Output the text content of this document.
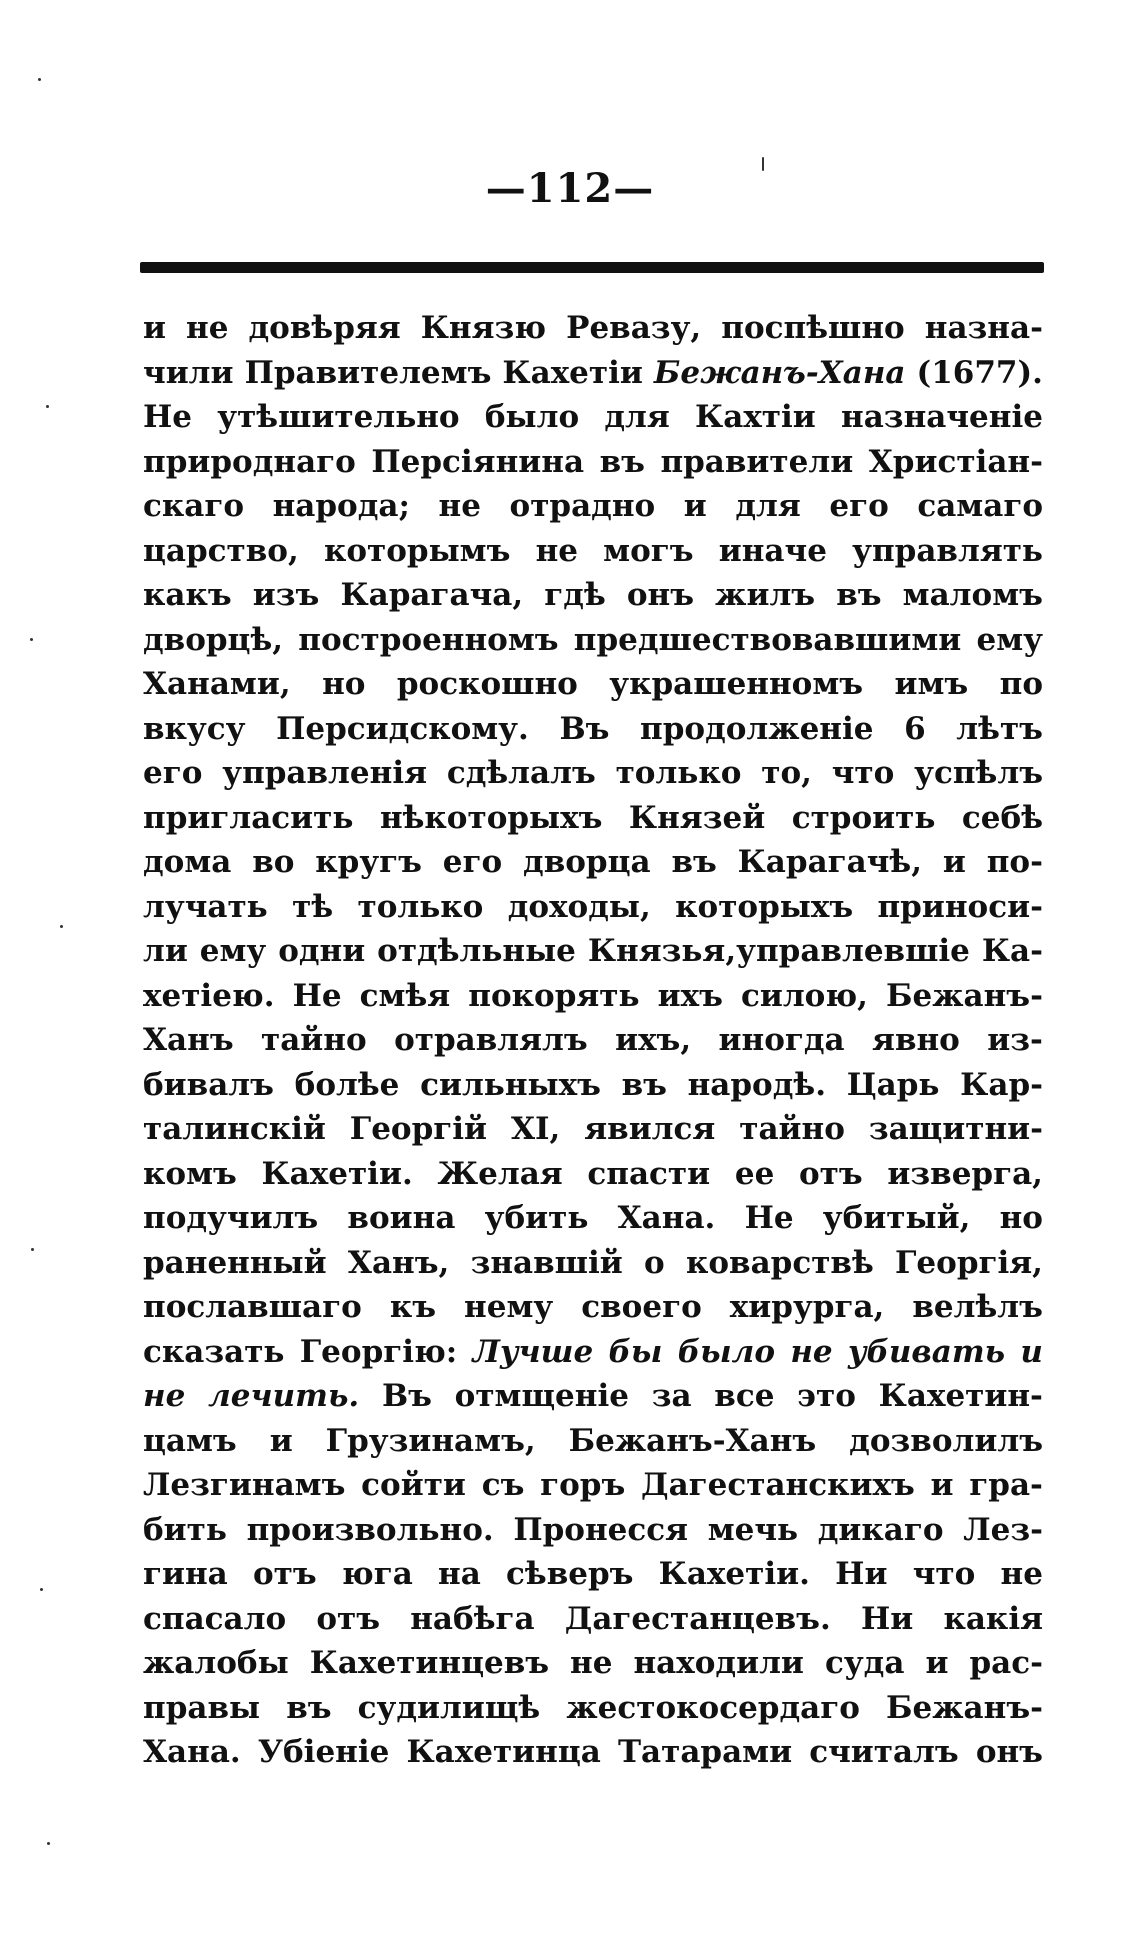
—112—
и не довѣряя Князю Ревазу, поспѣшно назна-
чили Правителемъ Кахетіи Бежанъ-Хана (1677).
Не утѣшительно было для Кахтіи назначеніе
природнаго Персіянина въ правители Христіан-
скаго народа; не отрадно и для его самаго
царство, которымъ не могъ иначе управлять
какъ изъ Карагача, гдѣ онъ жилъ въ маломъ
дворцѣ, построенномъ предшествовавшими ему
Ханами, но роскошно украшенномъ имъ по
вкусу Персидскому. Въ продолженіе 6 лѣтъ
его управленія сдѣлалъ только то, что успѣлъ
пригласить нѣкоторыхъ Князей строить себѣ
дома во кругъ его дворца въ Карагачѣ, и по-
лучать тѣ только доходы, которыхъ приноси-
ли ему одни отдѣльные Князья,управлевшіе Ка-
хетіею. Не смѣя покорять ихъ силою, Бежанъ-
Ханъ тайно отравлялъ ихъ, иногда явно из-
бивалъ болѣе сильныхъ въ народѣ. Царь Кар-
талинскій Георгій XI, явился тайно защитни-
комъ Кахетіи. Желая спасти ее отъ изверга,
подучилъ воина убить Хана. Не убитый, но
раненный Ханъ, знавшій о коварствѣ Георгія,
пославшаго къ нему своего хирурга, велѣлъ
сказать Георгію: Лучше бы было не убивать и
не лечить. Въ отмщеніе за все это Кахетин-
цамъ и Грузинамъ, Бежанъ-Ханъ дозволилъ
Лезгинамъ сойти съ горъ Дагестанскихъ и гра-
бить произвольно. Пронесся мечь дикаго Лез-
гина отъ юга на сѣверъ Кахетіи. Ни что не
спасало отъ набѣга Дагестанцевъ. Ни какія
жалобы Кахетинцевъ не находили суда и рас-
правы въ судилищѣ жестокосердаго Бежанъ-
Хана. Убіеніе Кахетинца Татарами считалъ онъ
